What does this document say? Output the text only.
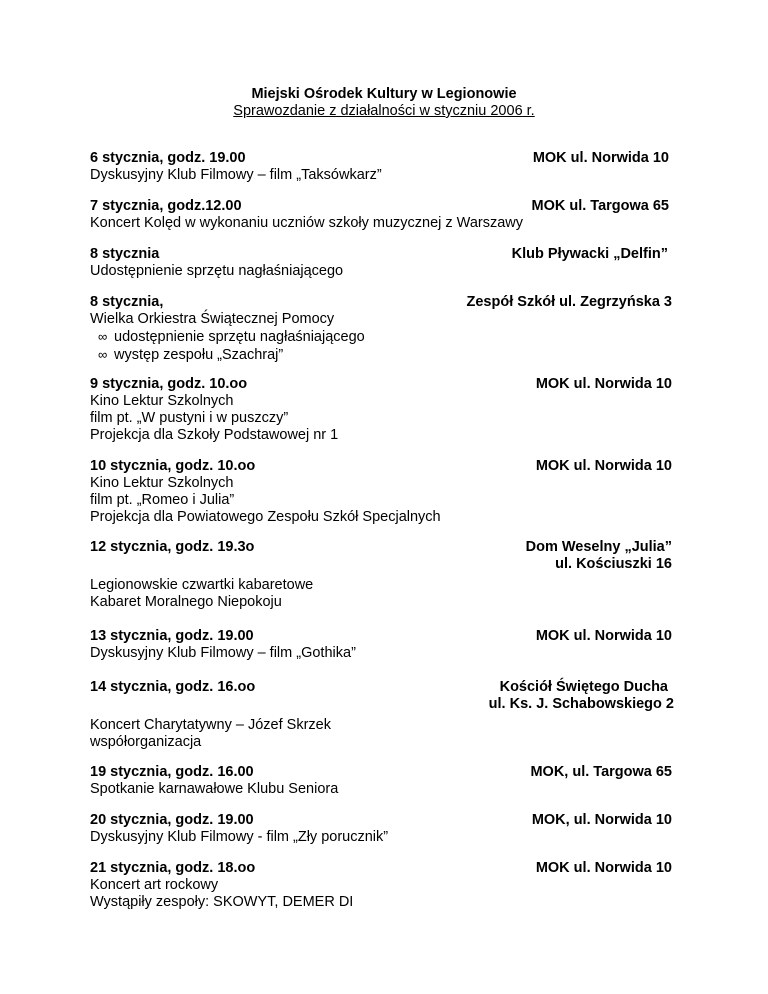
Miejski Ośrodek Kultury w Legionowie
Sprawozdanie z działalności w styczniu 2006 r.
6 stycznia, godz. 19.00	MOK ul. Norwida 10
Dyskusyjny Klub Filmowy – film „Taksówkarz”
7 stycznia, godz.12.00	MOK ul. Targowa 65
Koncert Kolęd w wykonaniu uczniów szkoły muzycznej z Warszawy
8 stycznia	Klub Pływacki „Delfin”
Udostępnienie sprzętu nagłaśniającego
8 stycznia,	Zespół Szkół ul. Zegrzyńska 3
Wielka Orkiestra Świątecznej Pomocy
∞ udostępnienie sprzętu nagłaśniającego
∞ występ zespołu „Szachraj”
9 stycznia, godz. 10.oo	MOK ul. Norwida 10
Kino Lektur Szkolnych
film pt. „W pustyni i w puszczy”
Projekcja dla Szkoły Podstawowej nr 1
10 stycznia, godz. 10.oo	MOK ul. Norwida 10
Kino Lektur Szkolnych
film pt. „Romeo i Julia”
Projekcja dla Powiatowego Zespołu Szkół Specjalnych
12 stycznia, godz. 19.3o	Dom Weselny „Julia”
ul. Kościuszki 16
Legionowskie czwartki kabaretowe
Kabaret Moralnego Niepokoju
13 stycznia, godz. 19.00	MOK ul. Norwida 10
Dyskusyjny Klub Filmowy – film „Gothika”
14 stycznia, godz. 16.oo	Kościół Świętego Ducha
ul. Ks. J. Schabowskiego 2
Koncert Charytatywny – Józef Skrzek
współorganizacja
19 stycznia, godz. 16.00	MOK, ul. Targowa 65
Spotkanie karnawałowe Klubu Seniora
20 stycznia, godz. 19.00	MOK, ul. Norwida 10
Dyskusyjny Klub Filmowy - film „Zły porucznik”
21 stycznia, godz. 18.oo	MOK ul. Norwida 10
Koncert art rockowy
Wystąpiły zespoły: SKOWYT, DEMER DI
